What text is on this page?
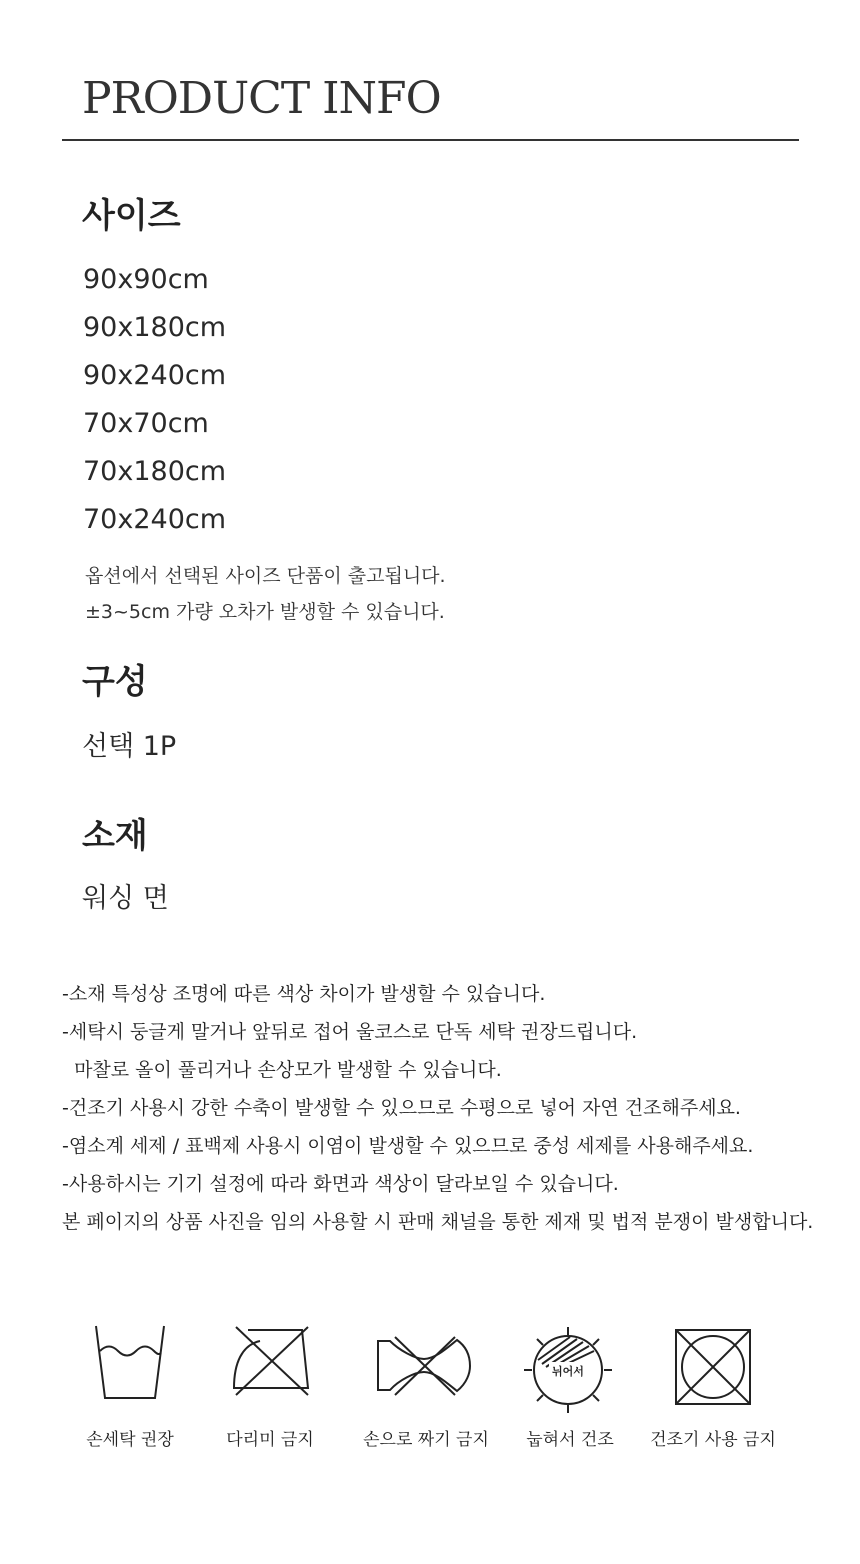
PRODUCT INFO
사이즈
90x90cm
90x180cm
90x240cm
70x70cm
70x180cm
70x240cm
옵션에서 선택된 사이즈 단품이 출고됩니다.
±3~5cm 가량 오차가 발생할 수 있습니다.
구성
선택 1P
소재
워싱 면
-소재 특성상 조명에 따른 색상 차이가 발생할 수 있습니다.
-세탁시 둥글게 말거나 앞뒤로 접어 울코스로 단독 세탁 권장드립니다.
마찰로 올이 풀리거나 손상모가 발생할 수 있습니다.
-건조기 사용시 강한 수축이 발생할 수 있으므로 수평으로 넣어 자연 건조해주세요.
-염소계 세제 / 표백제 사용시 이염이 발생할 수 있으므로 중성 세제를 사용해주세요.
-사용하시는 기기 설정에 따라 화면과 색상이 달라보일 수 있습니다.
본 페이지의 상품 사진을 임의 사용할 시 판매 채널을 통한 제재 및 법적 분쟁이 발생합니다.
뉘어서
손세탁 권장	다리미 금지	손으로 짜기 금지	눕혀서 건조	건조기 사용 금지
